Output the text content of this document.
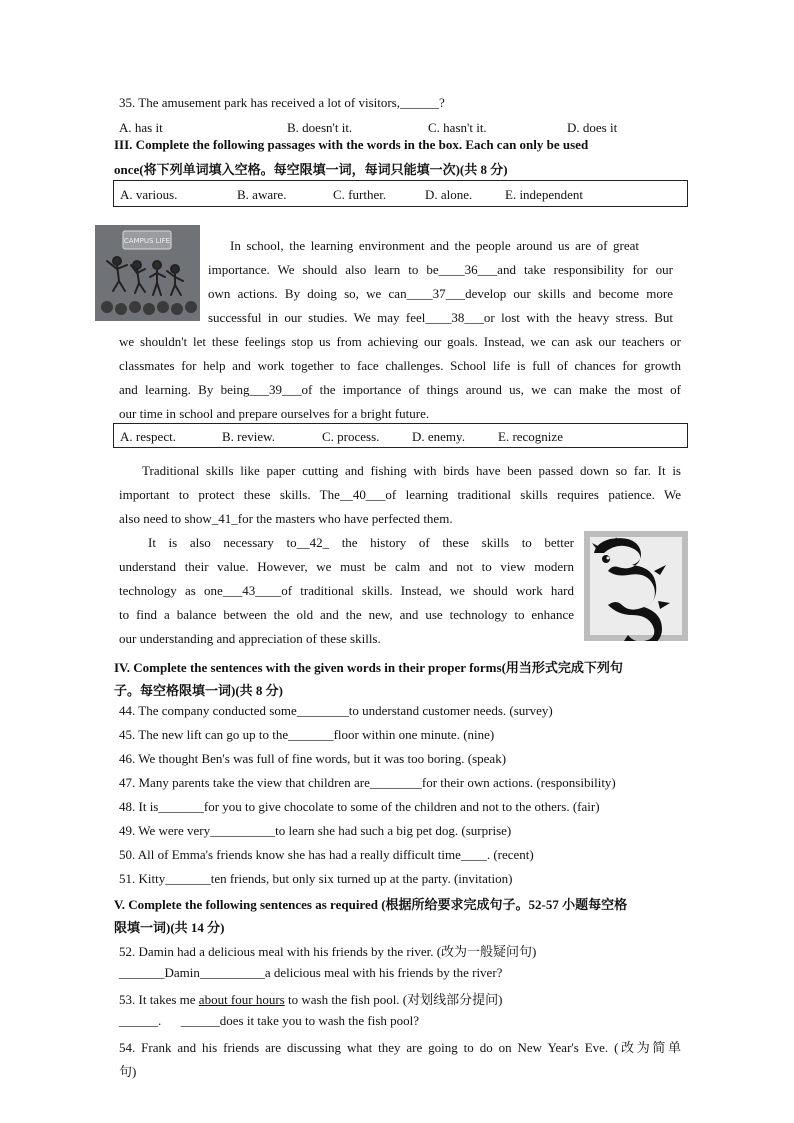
35. The amusement park has received a lot of visitors,______?
A. has it	B. doesn't it.	C. hasn't it.	D. does it
III. Complete the following passages with the words in the box. Each can only be used
once(将下列单词填入空格。每空限填一词，每词只能填一次)(共 8 分)
A. various.	B. aware.	C. further.	D. alone.	E. independent
CAMPUS LIFE	In school, the learning environment and the people around us are of great
importance. We should also learn to be____36___and take responsibility for our
own actions. By doing so, we can____37___develop our skills and become more
successful in our studies. We may feel____38___or lost with the heavy stress. But
we shouldn't let these feelings stop us from achieving our goals. Instead, we can ask our teachers or
classmates for help and work together to face challenges. School life is full of chances for growth
and learning. By being___39___of the importance of things around us, we can make the most of
our time in school and prepare ourselves for a bright future.
A. respect.	B. review.	C. process.	D. enemy.	E. recognize
Traditional skills like paper cutting and fishing with birds have been passed down so far. It is
important to protect these skills. The__40___of learning traditional skills requires patience. We
also need to show_41_for the masters who have perfected them.
It is also necessary to__42_ the history of these skills to better
understand their value. However, we must be calm and not to view modern
technology as one___43____of traditional skills. Instead, we should work hard
to find a balance between the old and the new, and use technology to enhance
our understanding and appreciation of these skills.
IV. Complete the sentences with the given words in their proper forms(用当形式完成下列句
子。每空格限填一词)(共 8 分)
44. The company conducted some________to understand customer needs. (survey)
45. The new lift can go up to the_______floor within one minute. (nine)
46. We thought Ben's was full of fine words, but it was too boring. (speak)
47. Many parents take the view that children are________for their own actions. (responsibility)
48. It is_______for you to give chocolate to some of the children and not to the others. (fair)
49. We were very__________to learn she had such a big pet dog. (surprise)
50. All of Emma's friends know she has had a really difficult time____. (recent)
51. Kitty_______ten friends, but only six turned up at the party. (invitation)
V. Complete the following sentences as required (根据所给要求完成句子。52-57 小题每空格
限填一词)(共 14 分)
52. Damin had a delicious meal with his friends by the river. (改为一般疑问句)
_______Damin__________a delicious meal with his friends by the river?
53. It takes me about four hours to wash the fish pool. (对划线部分提问)
______.      ______does it take you to wash the fish pool?
54. Frank and his friends are discussing what they are going to do on New Year's Eve. (改为简单
句)
